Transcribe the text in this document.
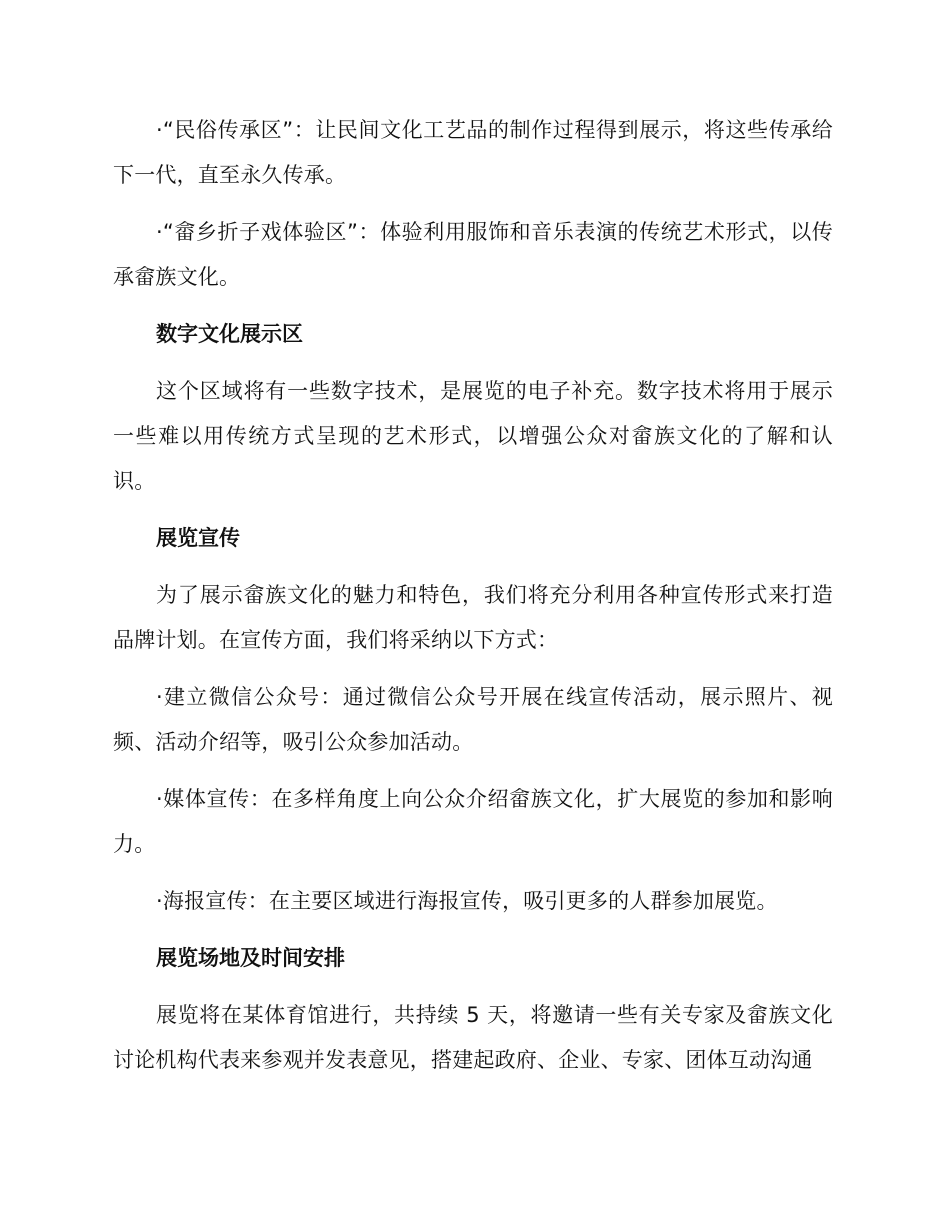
·“民俗传承区”：让民间文化工艺品的制作过程得到展示，将这些传承给下一代，直至永久传承。

·“畲乡折子戏体验区”：体验利用服饰和音乐表演的传统艺术形式，以传承畲族文化。

数字文化展示区

这个区域将有一些数字技术，是展览的电子补充。数字技术将用于展示一些难以用传统方式呈现的艺术形式，以增强公众对畲族文化的了解和认识。

展览宣传

为了展示畲族文化的魅力和特色，我们将充分利用各种宣传形式来打造品牌计划。在宣传方面，我们将采纳以下方式：

·建立微信公众号：通过微信公众号开展在线宣传活动，展示照片、视频、活动介绍等，吸引公众参加活动。

·媒体宣传：在多样角度上向公众介绍畲族文化，扩大展览的参加和影响力。

·海报宣传：在主要区域进行海报宣传，吸引更多的人群参加展览。

展览场地及时间安排

展览将在某体育馆进行，共持续 5 天，将邀请一些有关专家及畲族文化讨论机构代表来参观并发表意见，搭建起政府、企业、专家、团体互动沟通
